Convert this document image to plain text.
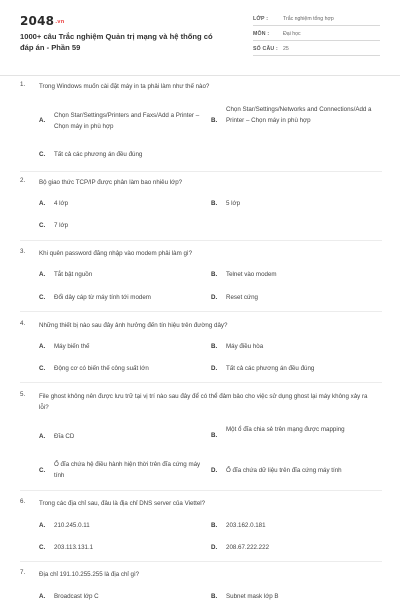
$2048^{.vn}$
1000+ câu Trắc nghiệm Quản trị mạng và hệ thống có đáp án - Phần 59
LỚP :	Trắc nghiệm tổng hợp
MÔN :	Đại học
SỐ CÂU : 25
1. Trong Windows muốn cài đặt máy in ta phải làm như thế nào?
A.
Chọn Star/Settings/Printers and Faxs/Add a Printer – Chọn máy in phù hợp
B.
Chọn Star/Settings/Networks and Connections/Add a Printer – Chọn máy in phù hợp
C. Tất cả các phương án đều đúng
2. Bộ giao thức TCP/IP được phân làm bao nhiêu lớp?
A. 4 lớp	B. 5 lớp
C. 7 lớp
3. Khi quên password đăng nhập vào modem phải làm gì?
A. Tắt bật nguồn	B. Telnet vào modem
C. Đổi dây cáp từ máy tính tới modem	D. Reset cứng
4. Những thiết bị nào sau đây ảnh hưởng đến tín hiệu trên đường dây?
A. Máy biến thế	B. Máy điều hòa
C. Động cơ có biến thế công suất lớn	D. Tất cả các phương án đều đúng
5. File ghost không nên được lưu trữ tại vị trí nào sau đây để có thể đảm bảo cho việc sử dụng ghost lại máy không xảy ra lỗi?
A. Đĩa CD	B.
Một ổ đĩa chia sẻ trên mạng được mapping
C.
Ổ đĩa chứa hệ điều hành hiện thời trên đĩa cứng máy tính
D. Ổ đĩa chứa dữ liệu trên đĩa cứng máy tính
6. Trong các địa chỉ sau, đâu là địa chỉ DNS server của Viettel?
A. 210.245.0.11	B. 203.162.0.181
C. 203.113.131.1	D. 208.67.222.222
7. Địa chỉ 191.10.255.255 là địa chỉ gì?
A. Broadcast lớp C	B. Subnet mask lớp B
